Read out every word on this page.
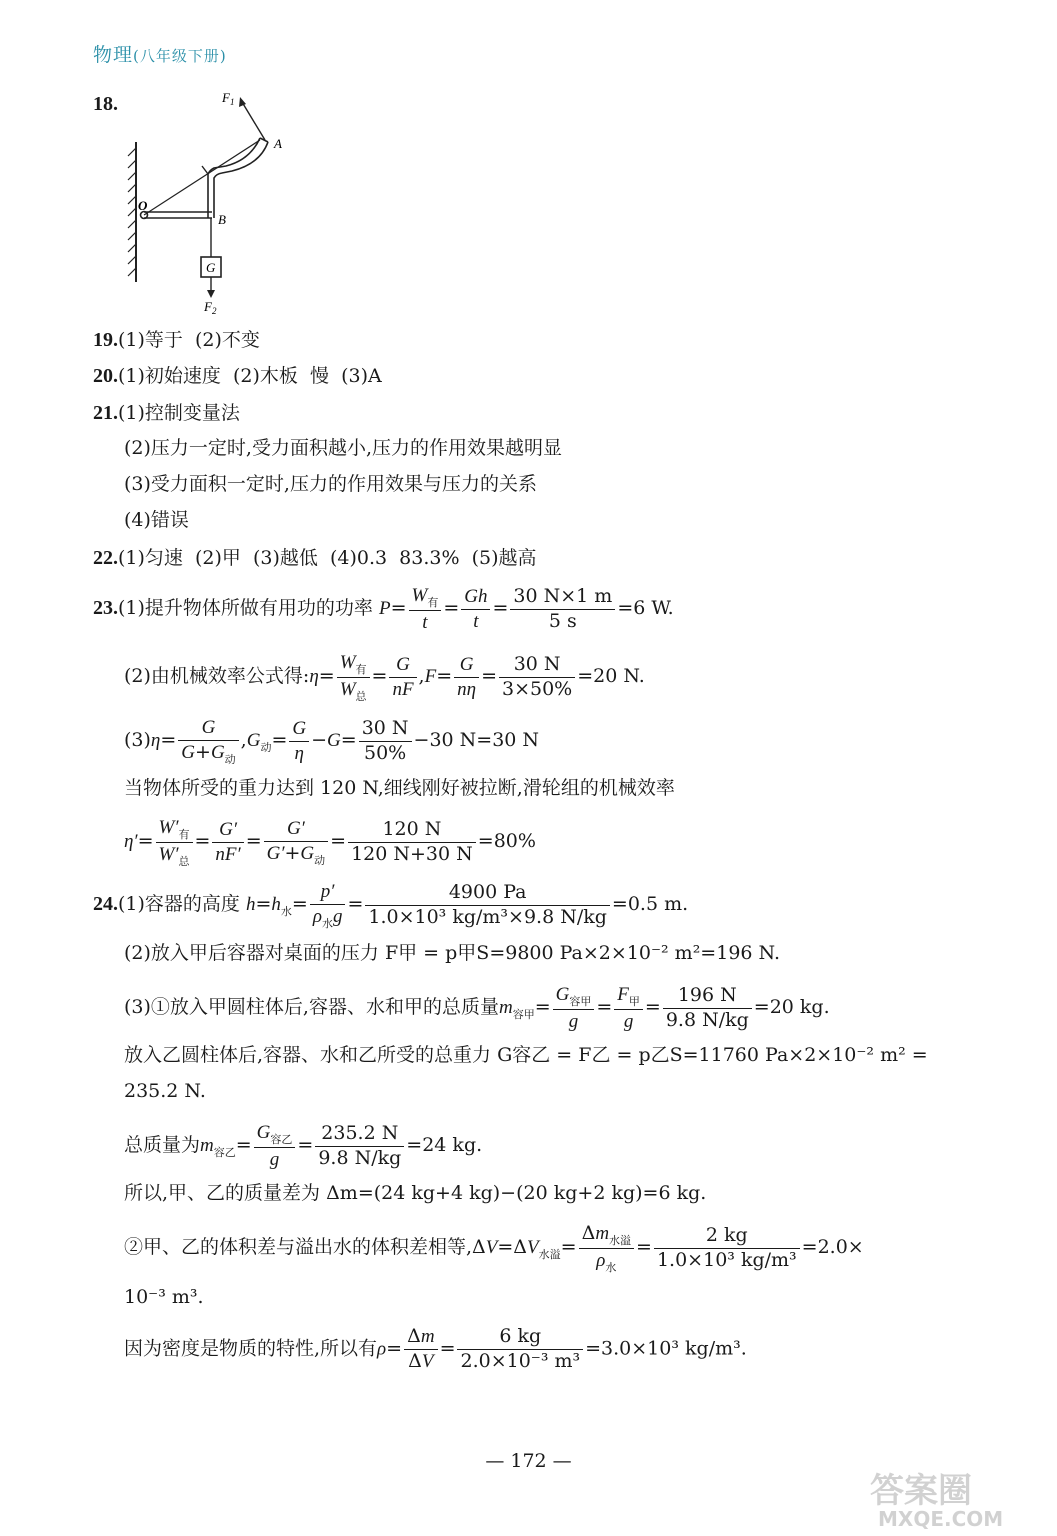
物理(八年级下册)
18.	$F_1$
A
O
B
G
$F_2$
19.(1)等于  (2)不变
20.(1)初始速度  (2)木板  慢  (3)A
21.(1)控制变量法
(2)压力一定时,受力面积越小,压力的作用效果越明显
(3)受力面积一定时,压力的作用效果与压力的关系
(4)错误
22.(1)匀速  (2)甲  (3)越低  (4)0.3  83.3%  (5)越高
23.(1)提升物体所做有用功的功率 P=
$W_有$
t
= $\frac{Gh}{t} = \frac{30 N\times 1 m}{5 s} =6$ W.
(2)由机械效率公式得:η=
$W_有$
$W_总$
= $\frac{G}{nF} ,F= \frac{G}{n\eta} = \frac{30 N}{3\times 50\%} =20$ N.
(3)η=
G
$G+G_动$
$,G_动= \frac{G}{\eta} -G= \frac{30 N}{50\%} -30$ N=30 N
当物体所受的重力达到 120 N,细线刚好被拉断,滑轮组的机械效率
η′=
$W'_有$
$W'_总$
= $\frac{G'}{nF'}$ =
G′
$G'+G_动$
= $\frac{120 N}{120 N+30 N} =80\%$
24.(1)容器的高度 $h=h_水=$
p′
$\rho_水g$
= $\frac{4900 Pa}{\text{1.0×10³ kg/m³×9.8 N/kg}} =0.5$ m.
(2)放入甲后容器对桌面的压力 F甲 = p甲S=9800 Pa×2×10⁻² m²=196 N.
(3)①放入甲圆柱体后,容器、水和甲的总质量$m_{容甲}=$
$G_{容甲}$
g
=
$F_甲$
g
= $\frac{196 N}{9.8 N/kg} =20$ kg.
放入乙圆柱体后,容器、水和乙所受的总重力 G容乙 = F乙 = p乙S=11760 Pa×2×10⁻² m² =
235.2 N.
总质量为$m_{容乙}=$
$G_{容乙}$
g
= $\frac{235.2 N}{9.8 N/kg} =24$ kg.
所以,甲、乙的质量差为 Δm=(24 kg+4 kg)−(20 kg+2 kg)=6 kg.
②甲、乙的体积差与溢出水的体积差相等$,\Delta V=\Delta V_{水溢}=$
$\Delta m_{水溢}$
$\rho_水$
= $\frac{2 kg}{\text{1.0×10³ kg/m³}} =2.0\times$
10⁻³ m³.
因为密度是物质的特性,所以有$\rho= \frac{\Delta m}{\Delta V} = \frac{6 kg}{\text{2.0×10⁻³ m³}} =3.0\times 10^3$ kg/m³.
— 172 —
答案圈
MXQE.COM
